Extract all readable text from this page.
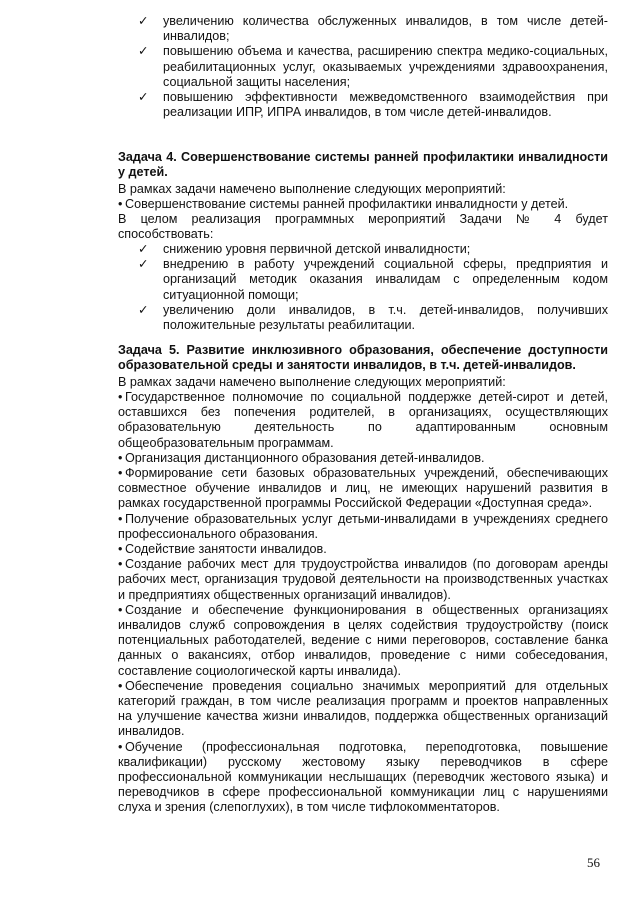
✓	увеличению количества обслуженных инвалидов, в том числе детей-инвалидов;

✓	повышению объема и качества, расширению спектра медико-социальных, реабилитационных услуг, оказываемых учреждениями здравоохранения, социальной защиты населения;

✓	повышению эффективности межведомственного взаимодействия при реализации ИПР, ИПРА инвалидов, в том числе детей-инвалидов.

Задача 4. Совершенствование системы ранней профилактики инвалидности у детей.

В рамках задачи намечено выполнение следующих мероприятий:

• Совершенствование системы ранней профилактики инвалидности у детей.

В целом реализация программных мероприятий Задачи № 4 будет способствовать:

✓	снижению уровня первичной детской инвалидности;

✓	внедрению в работу учреждений социальной сферы, предприятия и организаций методик оказания инвалидам с определенным кодом ситуационной помощи;

✓	увеличению доли инвалидов, в т.ч. детей-инвалидов, получивших положительные результаты реабилитации.

Задача 5. Развитие инклюзивного образования, обеспечение доступности образовательной среды и занятости инвалидов, в т.ч. детей-инвалидов.

В рамках задачи намечено выполнение следующих мероприятий:

• Государственное полномочие по социальной поддержке детей-сирот и детей, оставшихся без попечения родителей, в организациях, осуществляющих образовательную деятельность по адаптированным основным общеобразовательным программам.

• Организация дистанционного образования детей-инвалидов.

• Формирование сети базовых образовательных учреждений, обеспечивающих совместное обучение инвалидов и лиц, не имеющих нарушений развития в рамках государственной программы Российской Федерации «Доступная среда».

• Получение образовательных услуг детьми-инвалидами в учреждениях среднего профессионального образования.

• Содействие занятости инвалидов.

• Создание рабочих мест для трудоустройства инвалидов (по договорам аренды рабочих мест, организация трудовой деятельности на производственных участках и предприятиях общественных организаций инвалидов).

• Создание и обеспечение функционирования в общественных организациях инвалидов служб сопровождения в целях содействия трудоустройству (поиск потенциальных работодателей, ведение с ними переговоров, составление банка данных о вакансиях, отбор инвалидов, проведение с ними собеседования, составление социологической карты инвалида).

• Обеспечение проведения социально значимых мероприятий для отдельных категорий граждан, в том числе реализация программ и проектов направленных на улучшение качества жизни инвалидов, поддержка общественных организаций инвалидов.

• Обучение (профессиональная подготовка, переподготовка, повышение квалификации) русскому жестовому языку переводчиков в сфере профессиональной коммуникации неслышащих (переводчик жестового языка) и переводчиков в сфере профессиональной коммуникации лиц с нарушениями слуха и зрения (слепоглухих), в том числе тифлокомментаторов.

56
